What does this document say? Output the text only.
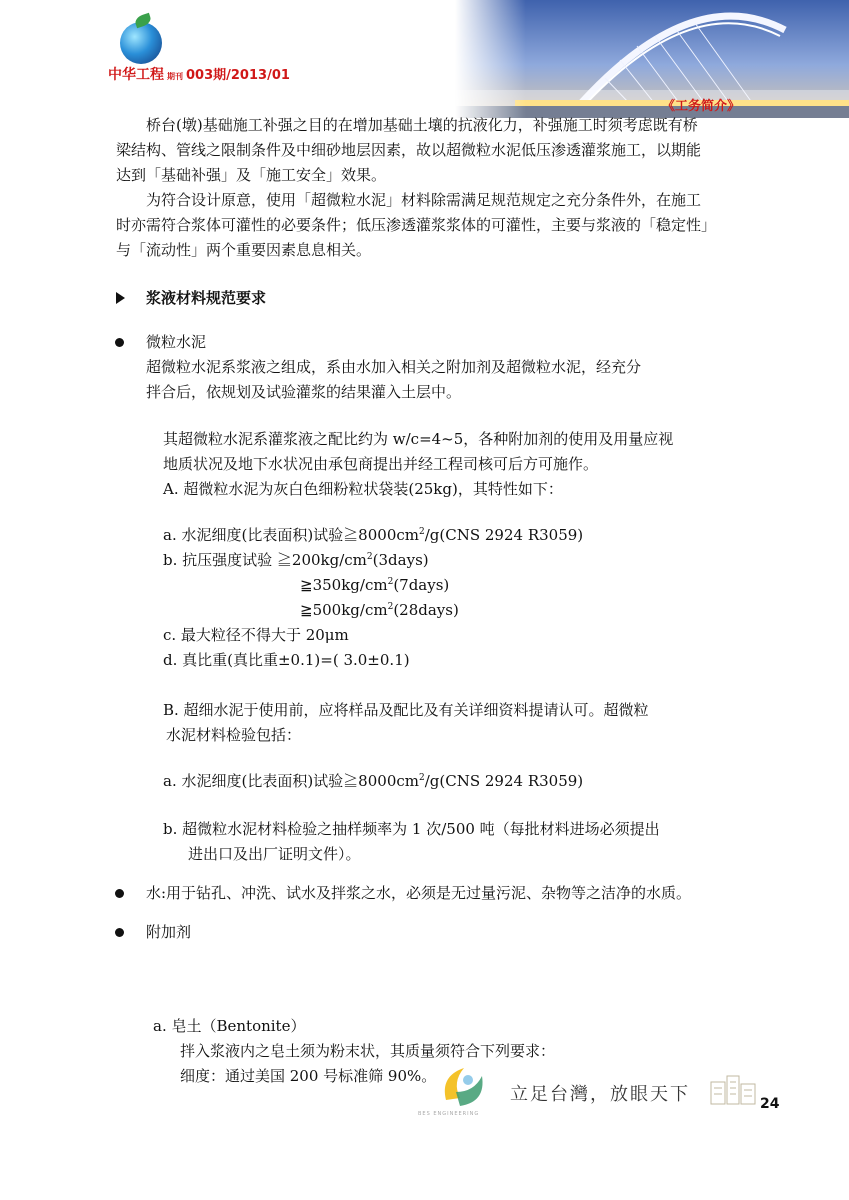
中华工程 期刊 003期/2013/01
《工务简介》

桥台(墩)基础施工补强之目的在增加基础土壤的抗液化力，补强施工时须考虑既有桥

梁结构、管线之限制条件及中细砂地层因素，故以超微粒水泥低压渗透灌浆施工，以期能

达到「基础补强」及「施工安全」效果。

为符合设计原意，使用「超微粒水泥」材料除需满足规范规定之充分条件外，在施工

时亦需符合浆体可灌性的必要条件；低压渗透灌浆浆体的可灌性，主要与浆液的「稳定性」

与「流动性」两个重要因素息息相关。

浆液材料规范要求

微粒水泥

超微粒水泥系浆液之组成，系由水加入相关之附加剂及超微粒水泥，经充分

拌合后，依规划及试验灌浆的结果灌入土层中。

其超微粒水泥系灌浆液之配比约为 w/c=4~5，各种附加剂的使用及用量应视

地质状况及地下水状况由承包商提出并经工程司核可后方可施作。

A. 超微粒水泥为灰白色细粉粒状袋装(25kg)，其特性如下：

a. 水泥细度(比表面积)试验$≧8000cm^2/g(CNS$ 2924 R3059)

b. 抗压强度试验 $≧200kg/cm^2(3days)$

$≧350kg/cm^2(7days)$

$≧500kg/cm^2(28days)$

c. 最大粒径不得大于 20μm

d. 真比重(真比重±0.1)=( 3.0±0.1)

B. 超细水泥于使用前，应将样品及配比及有关详细资料提请认可。超微粒

水泥材料检验包括：

a. 水泥细度(比表面积)试验$≧8000cm^2/g(CNS$ 2924 R3059)

b. 超微粒水泥材料检验之抽样频率为 1 次/500 吨（每批材料进场必须提出

进出口及出厂证明文件）。

水:用于钻孔、冲洗、试水及拌浆之水，必须是无过量污泥、杂物等之洁净的水质。
附加剂

a. 皂土（Bentonite）

拌入浆液内之皂土须为粉末状，其质量须符合下列要求：

细度：通过美国 200 号标准筛 90%。

BES ENGINEERING
立足台灣，放眼天下	24
